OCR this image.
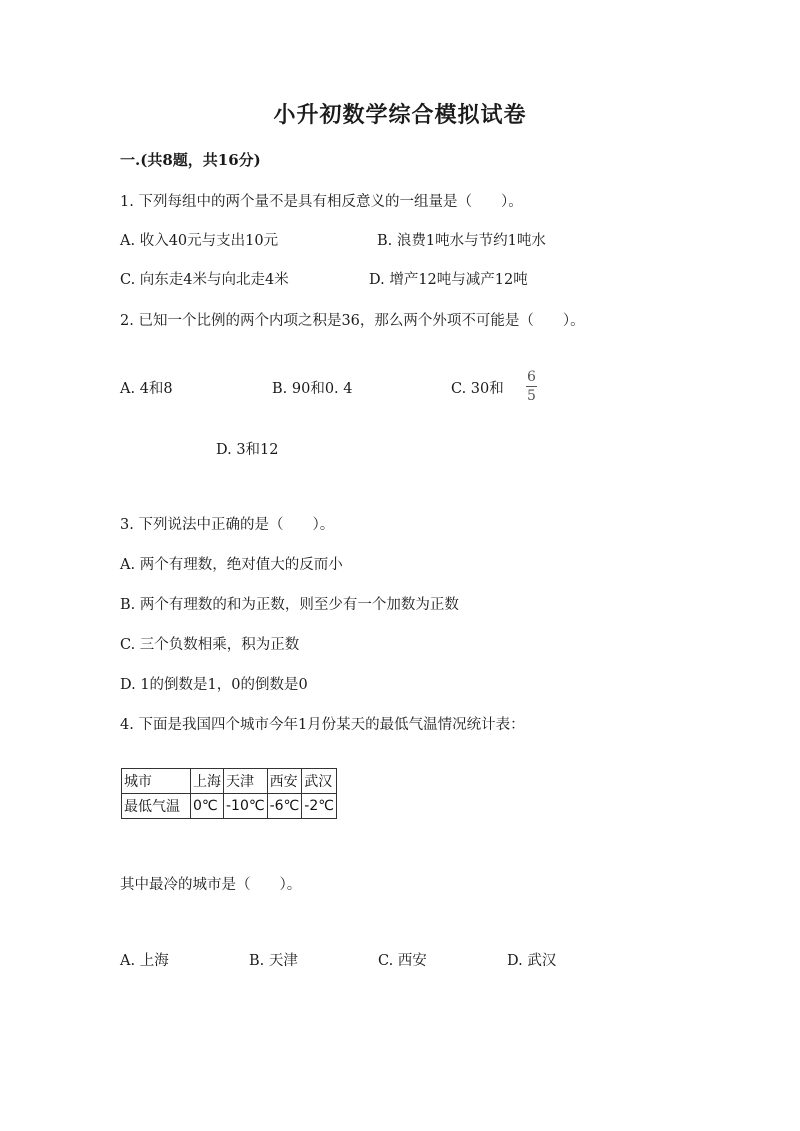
小升初数学综合模拟试卷
一.(共8题，共16分)
1. 下列每组中的两个量不是具有相反意义的一组量是（　　）。
A. 收入40元与支出10元	B. 浪费1吨水与节约1吨水
C. 向东走4米与向北走4米	D. 增产12吨与减产12吨
2. 已知一个比例的两个内项之积是36，那么两个外项不可能是（　　）。
A. 4和8	B. 90和0. 4	C. 30和
6
5
D. 3和12
3. 下列说法中正确的是（　　）。
A. 两个有理数，绝对值大的反而小
B. 两个有理数的和为正数，则至少有一个加数为正数
C. 三个负数相乘，积为正数
D. 1的倒数是1，0的倒数是0
4. 下面是我国四个城市今年1月份某天的最低气温情况统计表：
城市	上海	天津	西安	武汉
最低气温	0℃	-10℃	-6℃	-2℃
其中最冷的城市是（　　）。
A. 上海	B. 天津	C. 西安	D. 武汉
